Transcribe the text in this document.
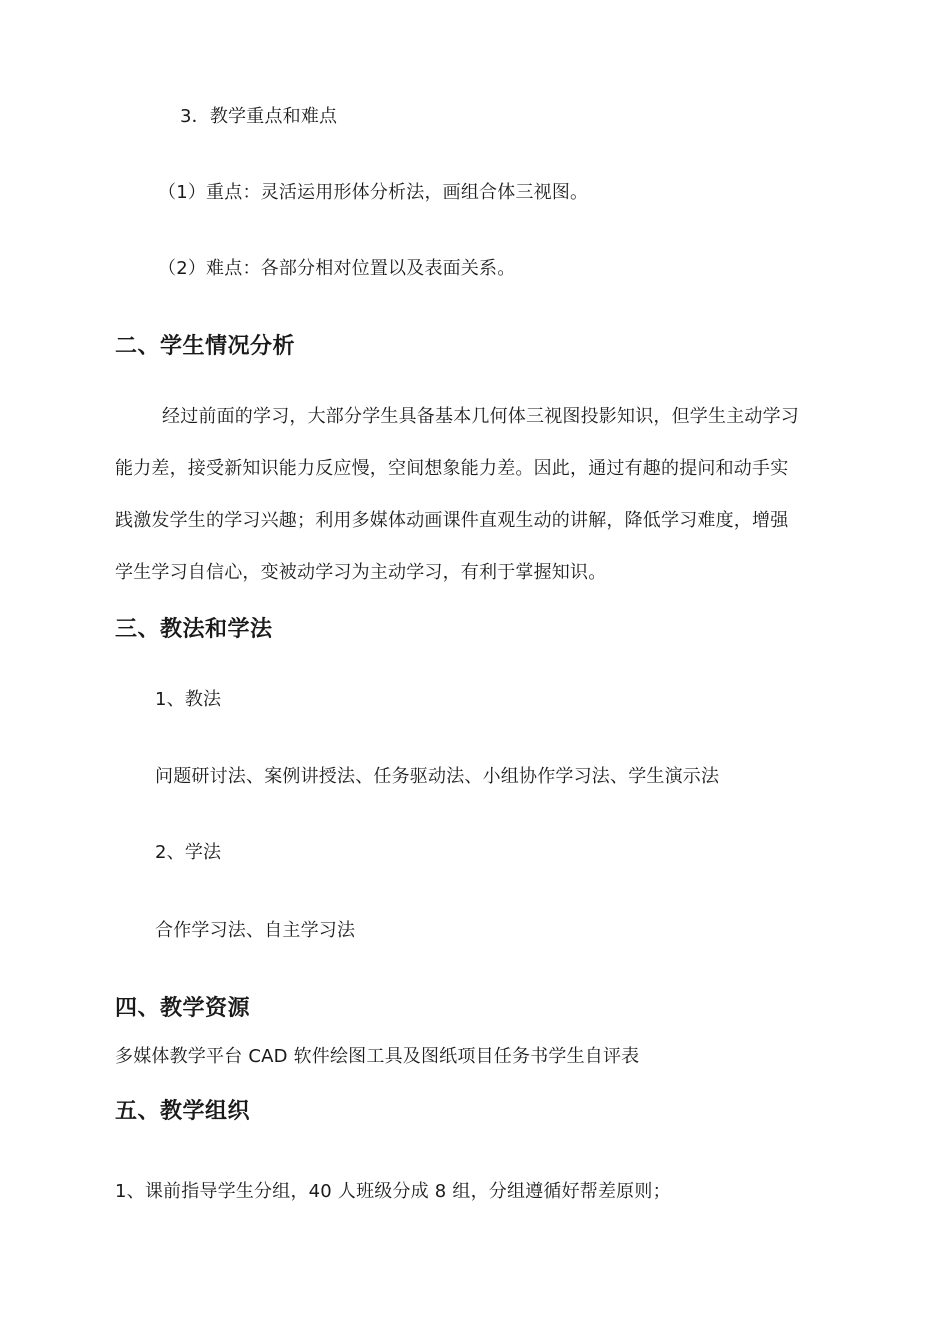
3．教学重点和难点
（1）重点：灵活运用形体分析法，画组合体三视图。
（2）难点：各部分相对位置以及表面关系。
二、学生情况分析
经过前面的学习，大部分学生具备基本几何体三视图投影知识，但学生主动学习
能力差，接受新知识能力反应慢，空间想象能力差。因此，通过有趣的提问和动手实
践激发学生的学习兴趣；利用多媒体动画课件直观生动的讲解，降低学习难度，增强
学生学习自信心，变被动学习为主动学习，有利于掌握知识。
三、教法和学法
1、教法
问题研讨法、案例讲授法、任务驱动法、小组协作学习法、学生演示法
2、学法
合作学习法、自主学习法
四、教学资源
多媒体教学平台 CAD 软件绘图工具及图纸项目任务书学生自评表
五、教学组织
1、课前指导学生分组，40 人班级分成 8 组，分组遵循好帮差原则；
